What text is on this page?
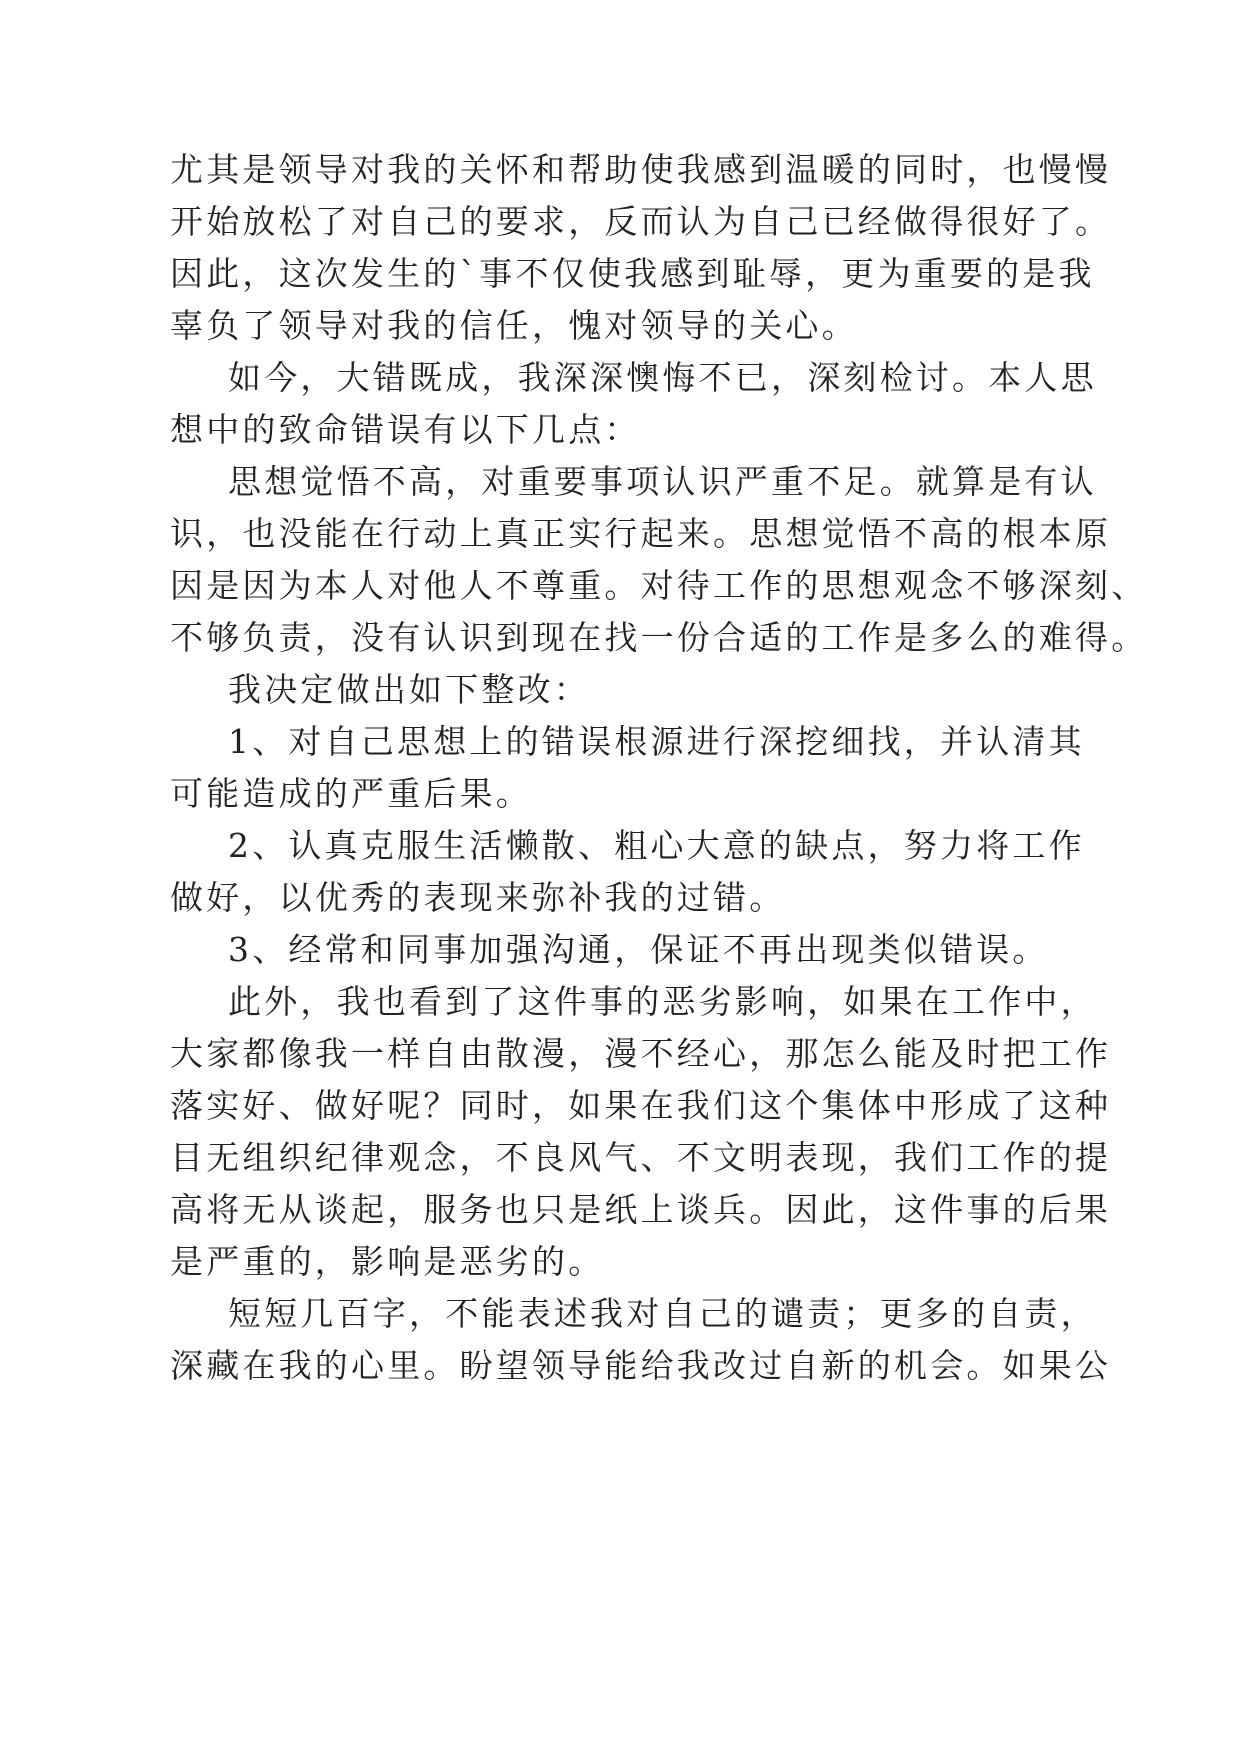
尤其是领导对我的关怀和帮助使我感到温暖的同时，也慢慢
开始放松了对自己的要求，反而认为自己已经做得很好了。
因此，这次发生的`事不仅使我感到耻辱，更为重要的是我
辜负了领导对我的信任，愧对领导的关心。
如今，大错既成，我深深懊悔不已，深刻检讨。本人思
想中的致命错误有以下几点：
思想觉悟不高，对重要事项认识严重不足。就算是有认
识，也没能在行动上真正实行起来。思想觉悟不高的根本原
因是因为本人对他人不尊重。对待工作的思想观念不够深刻、
不够负责，没有认识到现在找一份合适的工作是多么的难得。
我决定做出如下整改：
1、对自己思想上的错误根源进行深挖细找，并认清其
可能造成的严重后果。
2、认真克服生活懒散、粗心大意的缺点，努力将工作
做好，以优秀的表现来弥补我的过错。
3、经常和同事加强沟通，保证不再出现类似错误。
此外，我也看到了这件事的恶劣影响，如果在工作中，
大家都像我一样自由散漫，漫不经心，那怎么能及时把工作
落实好、做好呢？同时，如果在我们这个集体中形成了这种
目无组织纪律观念，不良风气、不文明表现，我们工作的提
高将无从谈起，服务也只是纸上谈兵。因此，这件事的后果
是严重的，影响是恶劣的。
短短几百字，不能表述我对自己的谴责；更多的自责，
深藏在我的心里。盼望领导能给我改过自新的机会。如果公
